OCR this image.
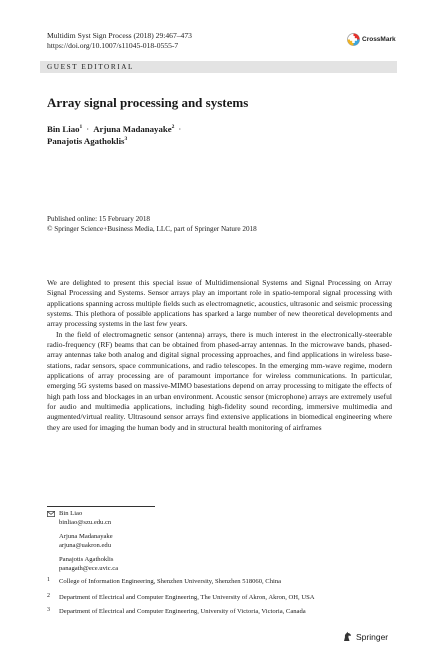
Multidim Syst Sign Process (2018) 29:467–473
https://doi.org/10.1007/s11045-018-0555-7
CrossMark
GUEST EDITORIAL
Array signal processing and systems
Bin Liao$^1$ · Arjuna Madanayake$^2$ ·
Panajotis Agathoklis$^3$
Published online: 15 February 2018
© Springer Science+Business Media, LLC, part of Springer Nature 2018

We are delighted to present this special issue of Multidimensional Systems and Signal Processing on Array Signal Processing and Systems. Sensor arrays play an important role in spatio-temporal signal processing with applications spanning across multiple fields such as electromagnetic, acoustics, ultrasonic and seismic processing systems. This plethora of possible applications has sparked a large number of new theoretical developments and array processing systems in the last few years.

In the field of electromagnetic sensor (antenna) arrays, there is much interest in the electronically-steerable radio-frequency (RF) beams that can be obtained from phased-array antennas. In the microwave bands, phased-array antennas take both analog and digital signal processing approaches, and find applications in wireless base-stations, radar sensors, space communications, and radio telescopes. In the emerging mm-wave regime, modern applications of array processing are of paramount importance for wireless communications. In particular, emerging 5G systems based on massive-MIMO basestations depend on array processing to mitigate the effects of high path loss and blockages in an urban environment. Acoustic sensor (microphone) arrays are extremely useful for audio and multimedia applications, including high-fidelity sound recording, immersive multimedia and augmented/virtual reality. Ultrasound sensor arrays find extensive applications in biomedical engineering where they are used for imaging the human body and in structural health monitoring of airframes

Bin Liao
binliao@szu.edu.cn
Arjuna Madanayake
arjuna@uakron.edu
Panajotis Agathoklis
panagath@ece.uvic.ca
1 College of Information Engineering, Shenzhen University, Shenzhen 518060, China
2 Department of Electrical and Computer Engineering, The University of Akron, Akron, OH, USA
3 Department of Electrical and Computer Engineering, University of Victoria, Victoria, Canada
Springer
